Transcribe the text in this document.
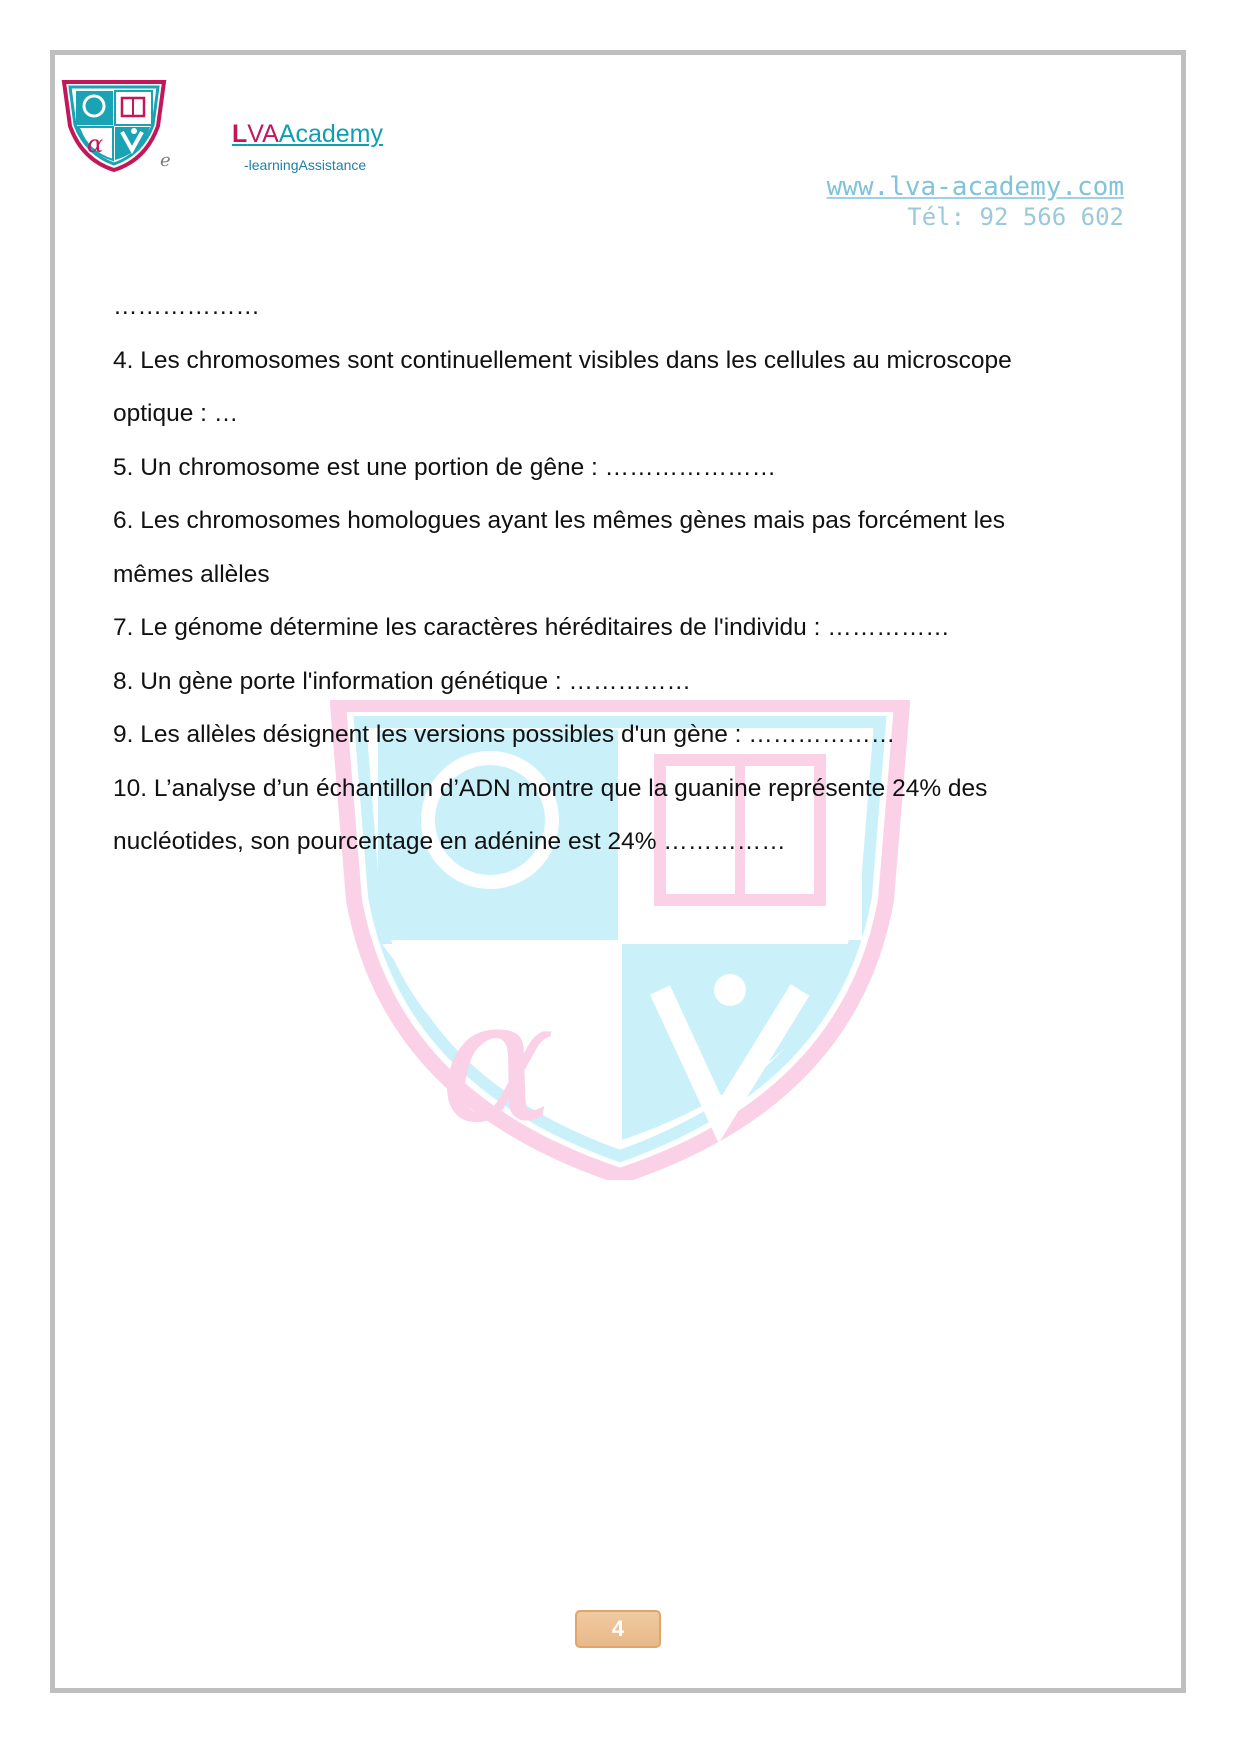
α
e
LVAAcademy
-learningAssistance
www.lva-academy.com
Tél: 92 566 602
α

………………

4. Les chromosomes sont continuellement visibles dans les cellules au microscope

optique : …

5. Un chromosome est une portion de gêne : …………………

6. Les chromosomes homologues ayant les mêmes gènes mais pas forcément les

mêmes allèles

7. Le génome détermine les caractères héréditaires de l'individu : ……………

8. Un gène porte l'information génétique : ……………

9. Les allèles désignent les versions possibles d'un gène : ………………

10. L’analyse d’un échantillon d’ADN montre que la guanine représente 24% des

nucléotides, son pourcentage en adénine est 24% ……………

4
